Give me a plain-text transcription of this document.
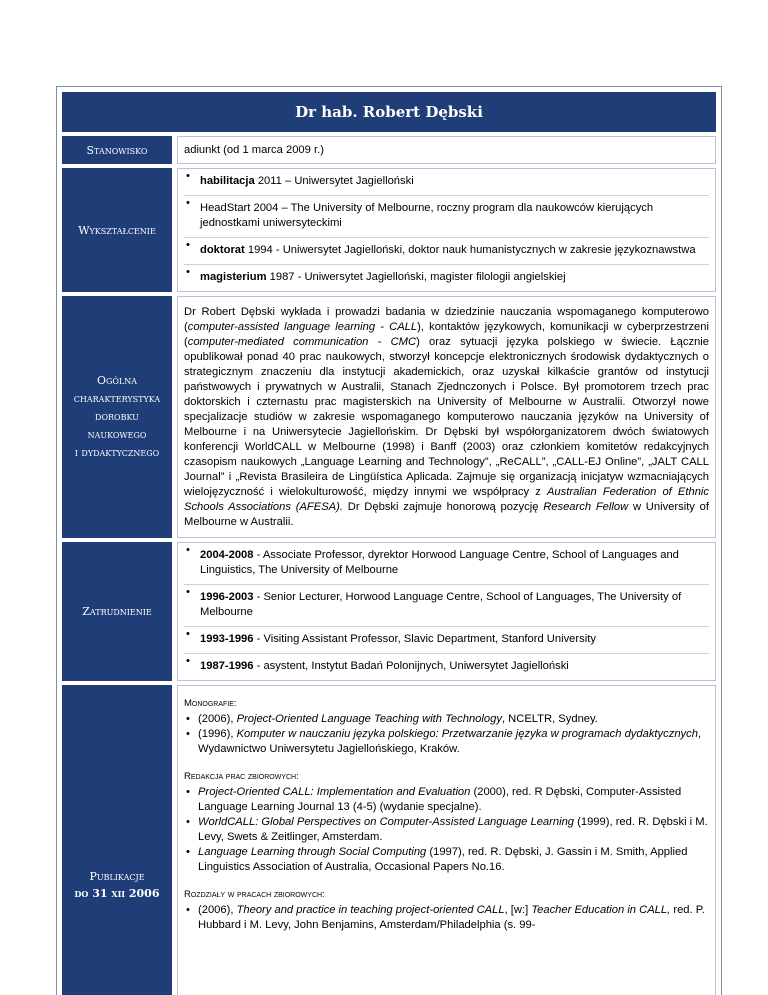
Dr hab. Robert Dębski
Stanowisko	adiunkt (od 1 marca 2009 r.)
Wykształcenie
• habilitacja 2011 – Uniwersytet Jagielloński
• HeadStart 2004 – The University of Melbourne, roczny program dla naukowców kierujących jednostkami uniwersyteckimi
• doktorat 1994 - Uniwersytet Jagielloński, doktor nauk humanistycznych w zakresie językoznawstwa
• magisterium 1987 - Uniwersytet Jagielloński, magister filologii angielskiej
Ogólna
charakterystyka
dorobku
naukowego
i dydaktycznego
Dr Robert Dębski wykłada i prowadzi badania w dziedzinie nauczania wspomaganego komputerowo (computer-assisted language learning - CALL), kontaktów językowych, komunikacji w cyberprzestrzeni (computer-mediated communication - CMC) oraz sytuacji języka polskiego w świecie. Łącznie opublikował ponad 40 prac naukowych, stworzył koncepcje elektronicznych środowisk dydaktycznych o strategicznym znaczeniu dla instytucji akademickich, oraz uzyskał kilkaście grantów od instytucji państwowych i prywatnych w Australii, Stanach Zjednczonych i Polsce. Był promotorem trzech prac doktorskich i czternastu prac magisterskich na University of Melbourne w Australii. Otworzył nowe specjalizacje studiów w zakresie wspomaganego komputerowo nauczania języków na University of Melbourne i na Uniwersytecie Jagiellońskim. Dr Dębski był współorganizatorem dwóch światowych konferencji WorldCALL w Melbourne (1998) i Banff (2003) oraz członkiem komitetów redakcyjnych czasopism naukowych „Language Learning and Technology”, „ReCALL”, „CALL-EJ Online”, „JALT CALL Journal” i „Revista Brasileira de Lingüística Aplicada. Zajmuje się organizacją inicjatyw wzmacniających wielojęzyczność i wielokulturowość, między innymi we współpracy z Australian Federation of Ethnic Schools Associations (AFESA). Dr Dębski zajmuje honorową pozycję Research Fellow w University of Melbourne w Australii.
Zatrudnienie
• 2004-2008 - Associate Professor, dyrektor Horwood Language Centre, School of Languages and Linguistics, The University of Melbourne
• 1996-2003 - Senior Lecturer, Horwood Language Centre, School of Languages, The University of Melbourne
• 1993-1996 - Visiting Assistant Professor, Slavic Department, Stanford University
• 1987-1996 - asystent, Instytut Badań Polonijnych, Uniwersytet Jagielloński
Publikacje
do 31 xii 2006
Monografie:
• (2006), Project-Oriented Language Teaching with Technology, NCELTR, Sydney.
• (1996), Komputer w nauczaniu języka polskiego: Przetwarzanie języka w programach dydaktycznych, Wydawnictwo Uniwersytetu Jagiellońskiego, Kraków.
Redakcja prac zbiorowych:
• Project-Oriented CALL: Implementation and Evaluation (2000), red. R Dębski, Computer-Assisted Language Learning Journal 13 (4-5) (wydanie specjalne).
• WorldCALL: Global Perspectives on Computer-Assisted Language Learning (1999), red. R. Dębski i M. Levy, Swets & Zeitlinger, Amsterdam.
• Language Learning through Social Computing (1997), red. R. Dębski, J. Gassin i M. Smith, Applied Linguistics Association of Australia, Occasional Papers No.16.
Rozdziały w pracach zbiorowych:
• (2006), Theory and practice in teaching project-oriented CALL, [w:] Teacher Education in CALL, red. P. Hubbard i M. Levy, John Benjamins, Amsterdam/Philadelphia (s. 99-
